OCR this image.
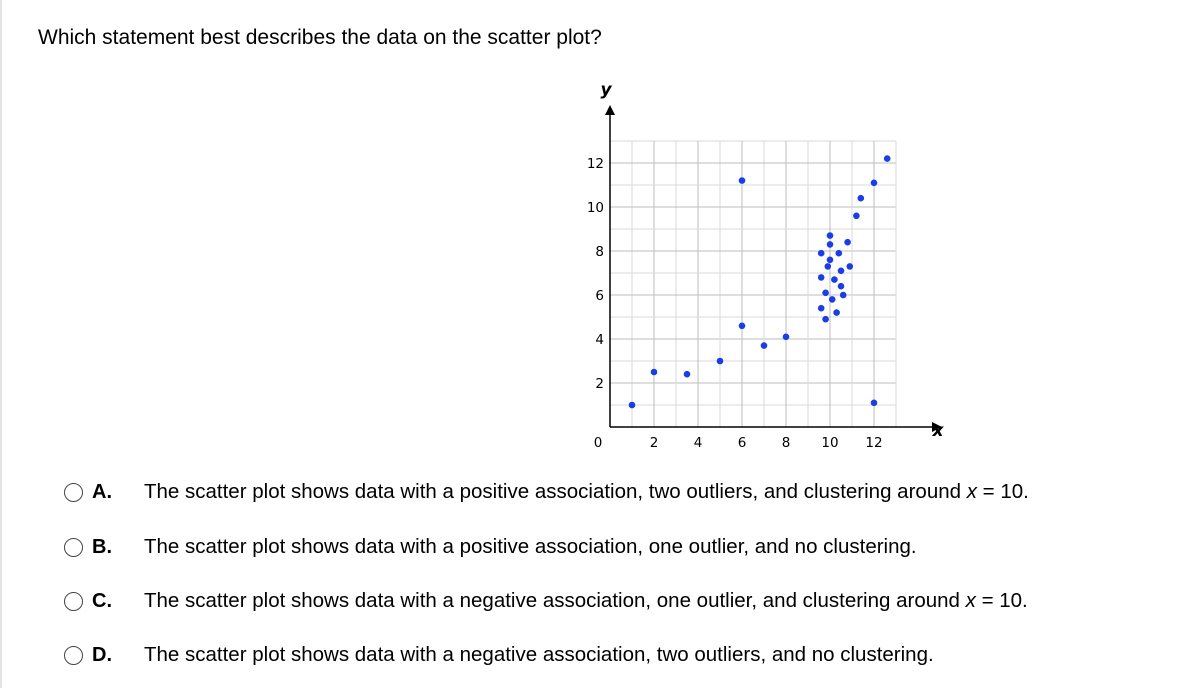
Which statement best describes the data on the scatter plot?

2
4
6
8
10
12
0	2	4	6	8 10 12
y
x
A. The scatter plot shows data with a positive association, two outliers, and clustering around x = 10.
B. The scatter plot shows data with a positive association, one outlier, and no clustering.
C. The scatter plot shows data with a negative association, one outlier, and clustering around x = 10.
D. The scatter plot shows data with a negative association, two outliers, and no clustering.
